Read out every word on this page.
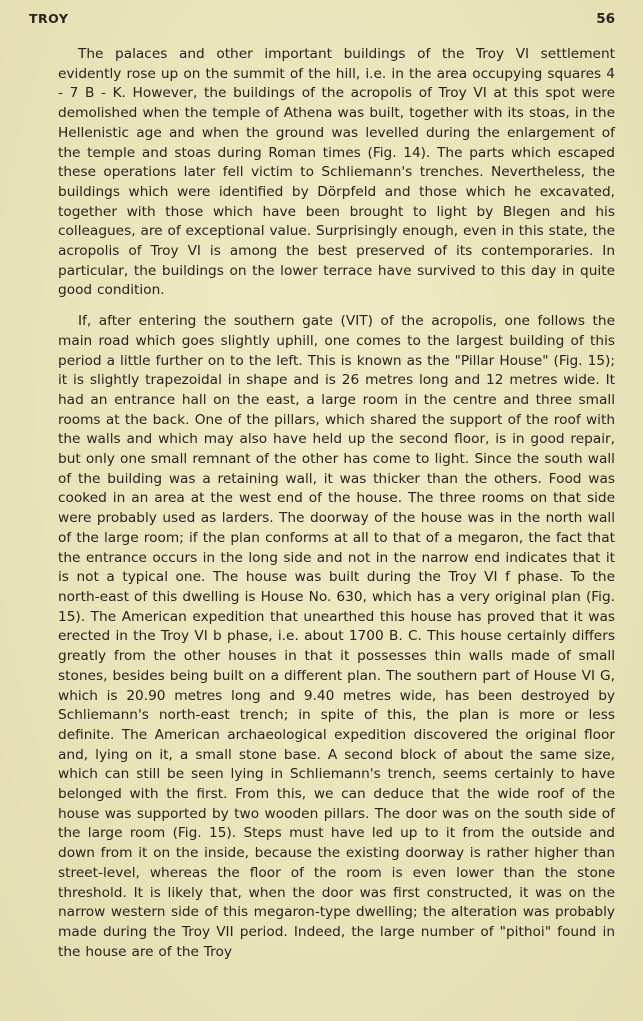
TROY	56

The palaces and other important buildings of the Troy VI settlement evidently rose up on the summit of the hill, i.e. in the area occupying squares 4 - 7 B - K. However, the buildings of the acropolis of Troy VI at this spot were demolished when the temple of Athena was built, together with its stoas, in the Hellenistic age and when the ground was levelled during the enlargement of the temple and stoas during Roman times (Fig. 14). The parts which escaped these operations later fell victim to Schliemann's trenches. Nevertheless, the buildings which were identified by Dörpfeld and those which he excavated, together with those which have been brought to light by Blegen and his colleagues, are of exceptional value. Surprisingly enough, even in this state, the acropolis of Troy VI is among the best preserved of its contemporaries. In particular, the buildings on the lower terrace have survived to this day in quite good condition.

If, after entering the southern gate (VIT) of the acropolis, one follows the main road which goes slightly uphill, one comes to the largest building of this period a little further on to the left. This is known as the "Pillar House" (Fig. 15); it is slightly trapezoidal in shape and is 26 metres long and 12 metres wide. It had an entrance hall on the east, a large room in the centre and three small rooms at the back. One of the pillars, which shared the support of the roof with the walls and which may also have held up the second floor, is in good repair, but only one small remnant of the other has come to light. Since the south wall of the building was a retaining wall, it was thicker than the others. Food was cooked in an area at the west end of the house. The three rooms on that side were probably used as larders. The doorway of the house was in the north wall of the large room; if the plan conforms at all to that of a megaron, the fact that the entrance occurs in the long side and not in the narrow end indicates that it is not a typical one. The house was built during the Troy VI f phase. To the north-east of this dwelling is House No. 630, which has a very original plan (Fig. 15). The American expedition that unearthed this house has proved that it was erected in the Troy VI b phase, i.e. about 1700 B. C. This house certainly differs greatly from the other houses in that it possesses thin walls made of small stones, besides being built on a different plan. The southern part of House VI G, which is 20.90 metres long and 9.40 metres wide, has been destroyed by Schliemann's north-east trench; in spite of this, the plan is more or less definite. The American archaeological expedition discovered the original floor and, lying on it, a small stone base. A second block of about the same size, which can still be seen lying in Schliemann's trench, seems certainly to have belonged with the first. From this, we can deduce that the wide roof of the house was supported by two wooden pillars. The door was on the south side of the large room (Fig. 15). Steps must have led up to it from the outside and down from it on the inside, because the existing doorway is rather higher than street-level, whereas the floor of the room is even lower than the stone threshold. It is likely that, when the door was first constructed, it was on the narrow western side of this megaron-type dwelling; the alteration was probably made during the Troy VII period. Indeed, the large number of "pithoi" found in the house are of the Troy
